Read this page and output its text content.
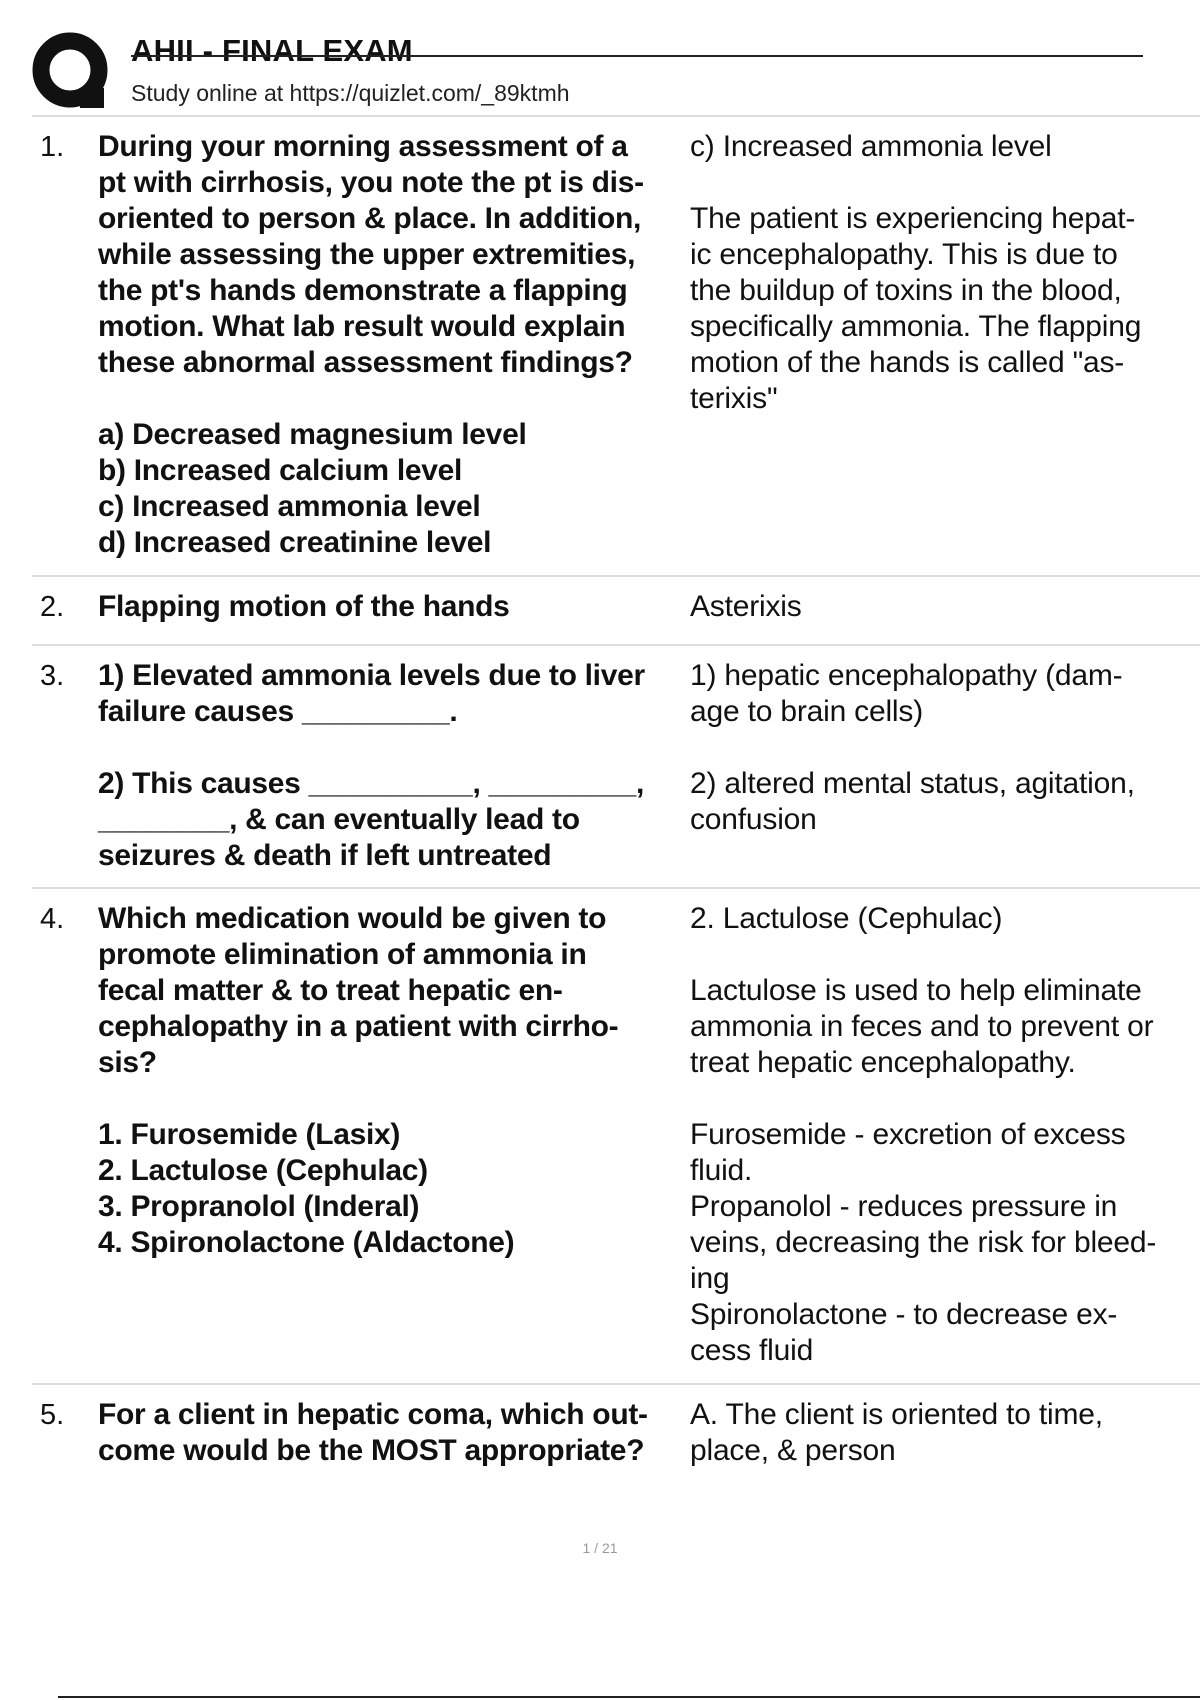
AHII - FINAL EXAM
Study online at https://quizlet.com/_89ktmh
1. During your morning assessment of a
pt with cirrhosis, you note the pt is dis-
oriented to person & place. In addition,
while assessing the upper extremities,
the pt's hands demonstrate a flapping
motion. What lab result would explain
these abnormal assessment findings?
a) Decreased magnesium level
b) Increased calcium level
c) Increased ammonia level
d) Increased creatinine level
c) Increased ammonia level
The patient is experiencing hepat-
ic encephalopathy. This is due to
the buildup of toxins in the blood,
specifically ammonia. The flapping
motion of the hands is called "as-
terixis"
2. Flapping motion of the hands	Asterixis
3. 1) Elevated ammonia levels due to liver
failure causes _________.
2) This causes __________, _________,
________, & can eventually lead to
seizures & death if left untreated
1) hepatic encephalopathy (dam-
age to brain cells)
2) altered mental status, agitation,
confusion
4. Which medication would be given to
promote elimination of ammonia in
fecal matter & to treat hepatic en-
cephalopathy in a patient with cirrho-
sis?
1. Furosemide (Lasix)
2. Lactulose (Cephulac)
3. Propranolol (Inderal)
4. Spironolactone (Aldactone)
2. Lactulose (Cephulac)
Lactulose is used to help eliminate
ammonia in feces and to prevent or
treat hepatic encephalopathy.
Furosemide - excretion of excess
fluid.
Propanolol - reduces pressure in
veins, decreasing the risk for bleed-
ing
Spironolactone - to decrease ex-
cess fluid
5. For a client in hepatic coma, which out-
come would be the MOST appropriate?
A. The client is oriented to time,
place, & person
1 / 21
